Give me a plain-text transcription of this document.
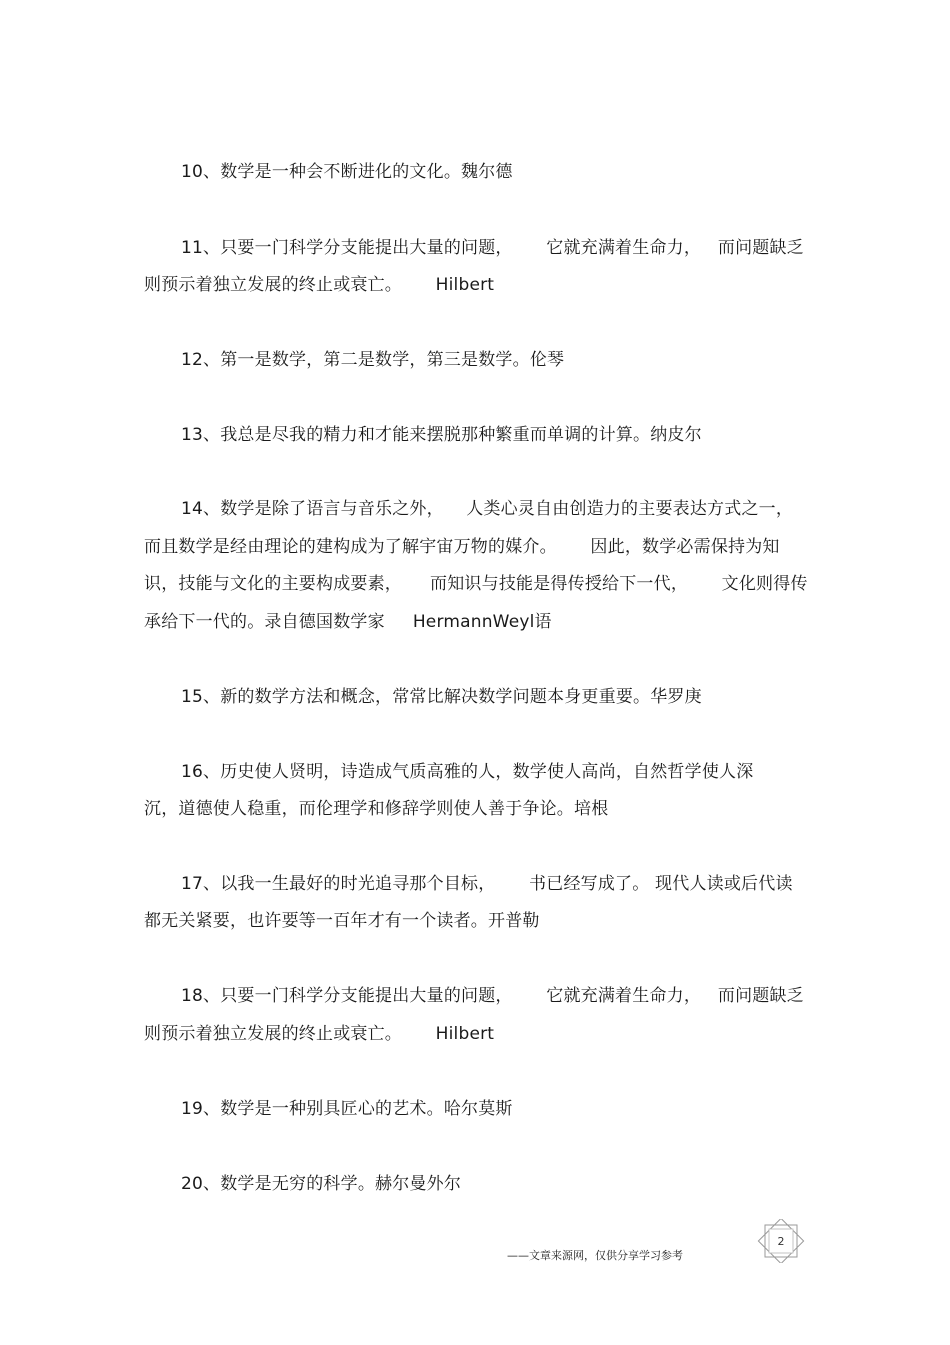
10、数学是一种会不断进化的文化。魏尔德
11、只要一门科学分支能提出大量的问题，      它就充满着生命力，   而问题缺乏
则预示着独立发展的终止或衰亡。      Hilbert
12、第一是数学，第二是数学，第三是数学。伦琴
13、我总是尽我的精力和才能来摆脱那种繁重而单调的计算。纳皮尔
14、数学是除了语言与音乐之外，    人类心灵自由创造力的主要表达方式之一，
而且数学是经由理论的建构成为了解宇宙万物的媒介。      因此，数学必需保持为知
识，技能与文化的主要构成要素，     而知识与技能是得传授给下一代，      文化则得传
承给下一代的。录自德国数学家     HermannWeyl语
15、新的数学方法和概念，常常比解决数学问题本身更重要。华罗庚
16、历史使人贤明，诗造成气质高雅的人，数学使人高尚，自然哲学使人深
沉，道德使人稳重，而伦理学和修辞学则使人善于争论。培根
17、以我一生最好的时光追寻那个目标，      书已经写成了。 现代人读或后代读
都无关紧要，也许要等一百年才有一个读者。开普勒
18、只要一门科学分支能提出大量的问题，      它就充满着生命力，   而问题缺乏
则预示着独立发展的终止或衰亡。      Hilbert
19、数学是一种别具匠心的艺术。哈尔莫斯
20、数学是无穷的科学。赫尔曼外尔
——文章来源网，仅供分享学习参考
2
